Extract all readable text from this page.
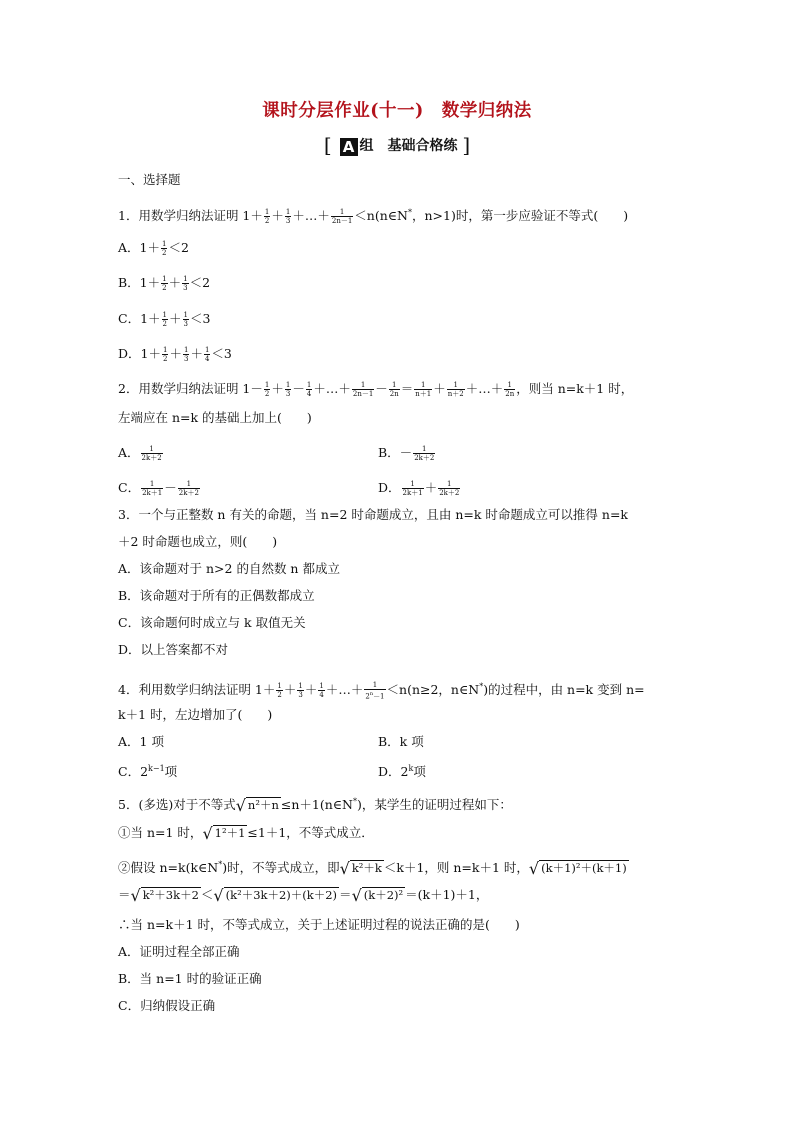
课时分层作业(十一)　数学归纳法
[ A 组　基础合格练 ]
一、选择题
1．用数学归纳法证明 $1+ \frac{1}{2} + \frac{1}{3}$ ＋…＋ $\frac{1}{2n-1}$ ＜n(n∈N*，n>1)时，第一步应验证不等式(　　)
A．$1+ \frac{1}{2} <2$
B．$1+ \frac{1}{2} + \frac{1}{3} <2$
C．$1+ \frac{1}{2} + \frac{1}{3} <3$
D．$1+ \frac{1}{2} + \frac{1}{3} + \frac{1}{4} <3$
2．用数学归纳法证明 $1- \frac{1}{2} + \frac{1}{3} - \frac{1}{4}$ ＋…＋ $\frac{1}{2n-1} - \frac{1}{2n} = \frac{1}{n+1} + \frac{1}{n+2}$ ＋…＋ $\frac{1}{2n}$ ，则当 n=k＋1 时，
左端应在 n=k 的基础上加上(　　)
A． $\frac{1}{2k+2}$	B．－ $\frac{1}{2k+2}$
C． $\frac{1}{2k+1} - \frac{1}{2k+2}$	D． $\frac{1}{2k+1} + \frac{1}{2k+2}$
3．一个与正整数 n 有关的命题，当 n=2 时命题成立，且由 n=k 时命题成立可以推得 n=k
＋2 时命题也成立，则(　　)
A．该命题对于 n>2 的自然数 n 都成立
B．该命题对于所有的正偶数都成立
C．该命题何时成立与 k 取值无关
D．以上答案都不对
4．利用数学归纳法证明 $1+ \frac{1}{2} + \frac{1}{3} + \frac{1}{4}$ ＋…＋ $\frac{1}{2^n-1} <n(n\ge 2$，n∈N*)的过程中，由 n=k 变到 n=
k＋1 时，左边增加了(　　)
A．1 项	B．k 项
C．$2^{k-1}$项	D．2$^k$项
5．(多选)对于不等式√ n²＋n ≤n＋1(n∈N*)，某学生的证明过程如下：
①当 n=1 时，√ 1²＋1 ≤1＋1，不等式成立．
②假设 n=k(k∈N*)时，不等式成立，即√ k²＋k ＜k＋1，则 n=k＋1 时，√ (k＋1)²＋(k＋1)
＝√ k²＋3k＋2 ＜√ (k²＋3k＋2)＋(k＋2) ＝√ (k＋2)² ＝(k＋1)＋1，
∴当 n=k＋1 时，不等式成立，关于上述证明过程的说法正确的是(　　)
A．证明过程全部正确
B．当 n=1 时的验证正确
C．归纳假设正确
